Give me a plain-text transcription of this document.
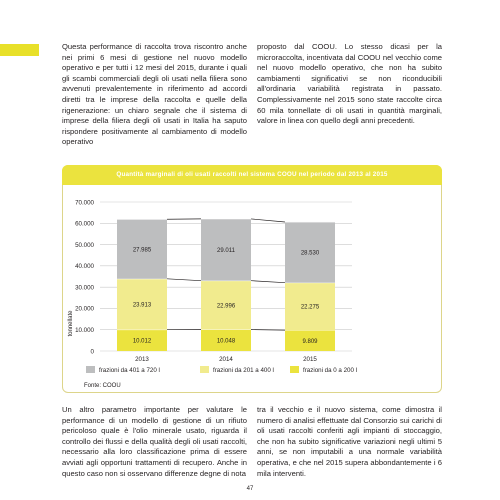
Questa performance di raccolta trova riscontro anche nei primi 6 mesi di gestione nel nuovo modello operativo e per tutti i 12 mesi del 2015, durante i quali gli scambi commerciali degli oli usati nella filiera sono avvenuti prevalentemente in riferimento ad accordi diretti tra le imprese della raccolta e quelle della rigenerazione: un chiaro segnale che il sistema di imprese della filiera degli oli usati in Italia ha saputo rispondere positivamente al cambiamento di modello operativo

proposto dal COOU. Lo stesso dicasi per la microraccolta, incentivata dal COOU nel vecchio come nel nuovo modello operativo, che non ha subito cambiamenti significativi se non riconducibili all'ordinaria variabilità registrata in passato. Complessivamente nel 2015 sono state raccolte circa 60 mila tonnellate di oli usati in quantità marginali, valore in linea con quello degli anni precedenti.

Quantità marginali di oli usati raccolti nel sistema COOU nel periodo dal 2013 al 2015
0
10.000
20.000
30.000
40.000
50.000
60.000
70.000
tonnellate
10.012
23.913
27.985
2013
10.048
22.996
29.011
2014
9.809
22.275
28.530
2015
frazioni da 401 a 720 l	frazioni da 201 a 400 l	frazioni da 0 a 200 l
Fonte: COOU

Un altro parametro importante per valutare le performance di un modello di gestione di un rifiuto pericoloso quale è l'olio minerale usato, riguarda il controllo dei flussi e della qualità degli oli usati raccolti, necessario alla loro classificazione prima di essere avviati agli opportuni trattamenti di recupero. Anche in questo caso non si osservano differenze degne di nota

tra il vecchio e il nuovo sistema, come dimostra il numero di analisi effettuate dal Consorzio sui carichi di oli usati raccolti conferiti agli impianti di stoccaggio, che non ha subito significative variazioni negli ultimi 5 anni, se non imputabili a una normale variabilità operativa, e che nel 2015 supera abbondantemente i 6 mila interventi.

47
